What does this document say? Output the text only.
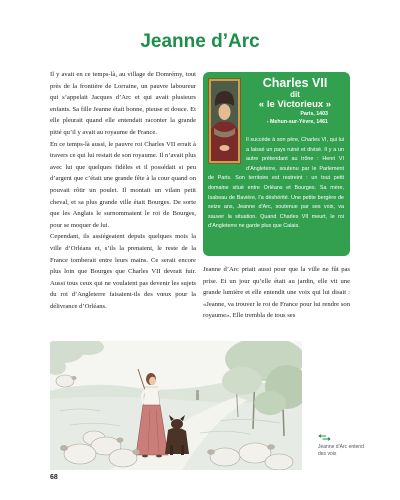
Jeanne d’Arc

Il y avait en ce temps-là, au village de Domrémy, tout près de la frontière de Lorraine, un pauvre laboureur qui s’appelait Jacques d’Arc et qui avait plusieurs enfants. Sa fille Jeanne était bonne, pieuse et douce. Et elle pleurait quand elle entendait raconter la grande pitié qu’il y avait au royaume de France.

En ce temps-là aussi, le pauvre roi Charles VII errait à travers ce qui lui restait de son royaume. Il n’avait plus avec lui que quelques fidèles et il possédait si peu d’argent que c’était une grande fête à la cour quand on pouvait rôtir un poulet. Il montait un vilain petit cheval, et sa plus grande ville était Bourges. De sorte que les Anglais le surnommaient le roi de Bourges, pour se moquer de lui.

Cependant, ils assiégeaient depuis quelques mois la ville d’Orléans et, s’ils la prenaient, le reste de la France tomberait entre leurs mains. Ce serait encore plus loin que Bourges que Charles VII devrait fuir. Aussi tous ceux qui ne voulaient pas devenir les sujets du roi d’Angleterre faisaient-ils des vœux pour la délivrance d’Orléans.

Charles VII
dit
« le Victorieux »
Paris, 1403
- Mehun-sur-Yèvre, 1461
Il succède à son père, Charles VI, qui lui a laissé un pays ruiné et divisé. Il y a un autre prétendant au trône : Henri VI d’Angleterre, soutenu par le Parlement de Paris. Son territoire est restreint : un tout petit domaine situé entre Orléans et Bourges. Sa mère, Isabeau de Bavière, l’a déshérité. Une petite bergère de seize ans, Jeanne d’Arc, soutenue par ses voix, va sauver la situation. Quand Charles VII meurt, le roi d’Angleterre ne garde plus que Calais.

Jeanne d’Arc priait aussi pour que la ville ne fût pas prise. Et un jour qu’elle était au jardin, elle vit une grande lumière et elle entendit une voix qui lui disait : «Jeanne, va trouver le roi de France pour lui rendre son royaume». Elle trembla de tous ses

Jeanne d’Arc entend des voix
68
